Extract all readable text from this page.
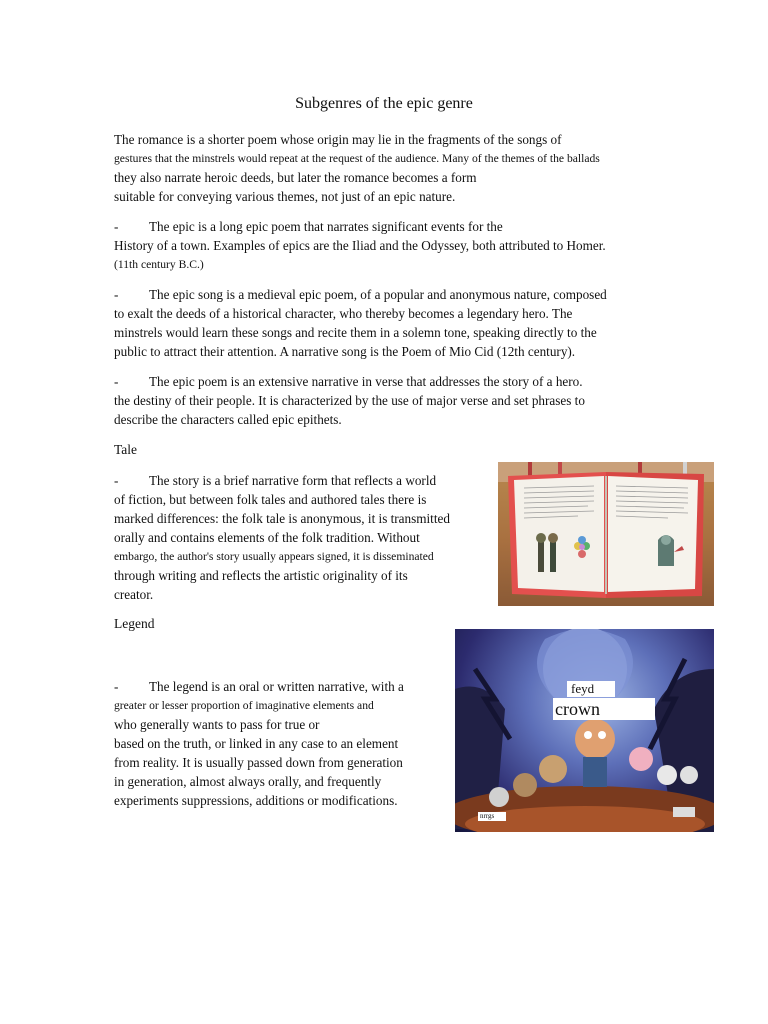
Subgenres of the epic genre
The romance is a shorter poem whose origin may lie in the fragments of the songs of
gestures that the minstrels would repeat at the request of the audience. Many of the themes of the ballads
they also narrate heroic deeds, but later the romance becomes a form
suitable for conveying various themes, not just of an epic nature.
- The epic is a long epic poem that narrates significant events for the
History of a town. Examples of epics are the Iliad and the Odyssey, both attributed to Homer.
(11th century B.C.)
- The epic song is a medieval epic poem, of a popular and anonymous nature, composed
to exalt the deeds of a historical character, who thereby becomes a legendary hero. The
minstrels would learn these songs and recite them in a solemn tone, speaking directly to the
public to attract their attention. A narrative song is the Poem of Mio Cid (12th century).
- The epic poem is an extensive narrative in verse that addresses the story of a hero.
the destiny of their people. It is characterized by the use of major verse and set phrases to
describe the characters called epic epithets.
Tale
- The story is a brief narrative form that reflects a world
of fiction, but between folk tales and authored tales there is
marked differences: the folk tale is anonymous, it is transmitted
orally and contains elements of the folk tradition. Without
embargo, the author's story usually appears signed, it is disseminated
through writing and reflects the artistic originality of its
creator.
Legend
- The legend is an oral or written narrative, with a
greater or lesser proportion of imaginative elements and
who generally wants to pass for true or
based on the truth, or linked in any case to an element
from reality. It is usually passed down from generation
in generation, almost always orally, and frequently
experiments suppressions, additions or modifications.
feyd
crown
nrrgs
